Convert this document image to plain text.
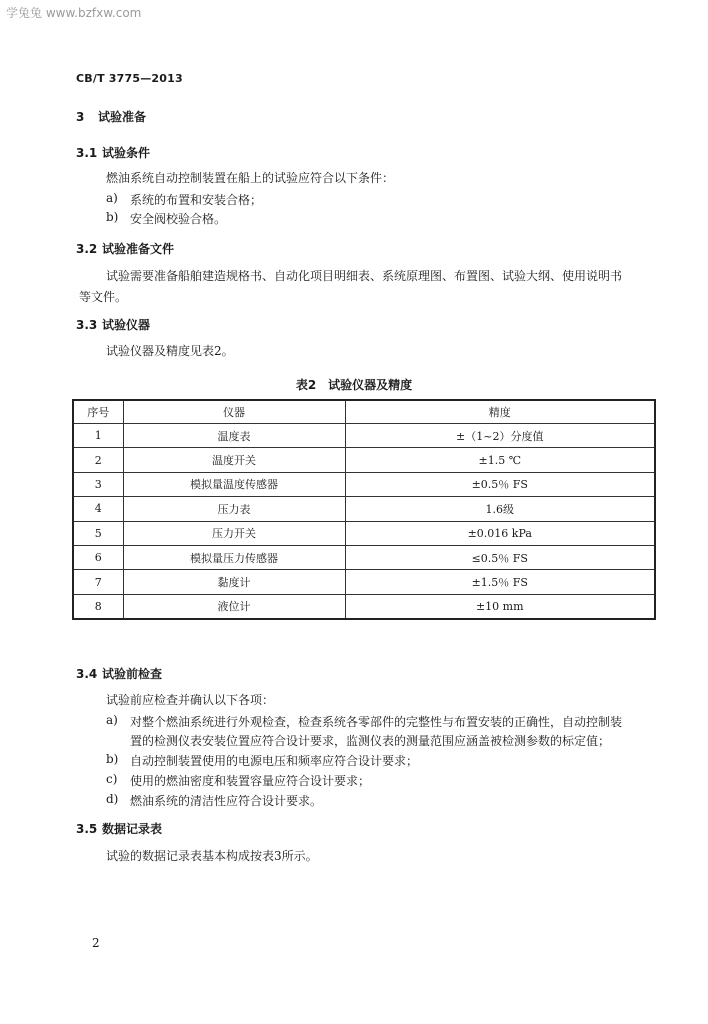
学兔兔 www.bzfxw.com
CB/T 3775—2013
3 试验准备
3.1 试验条件
燃油系统自动控制装置在船上的试验应符合以下条件：
a) 系统的布置和安装合格；
b) 安全阀校验合格。
3.2 试验准备文件
试验需要准备船舶建造规格书、自动化项目明细表、系统原理图、布置图、试验大纲、使用说明书
等文件。
3.3 试验仪器
试验仪器及精度见表2。
表2　试验仪器及精度
序号	仪器	精度
1	温度表	±（1~2）分度值
2	温度开关	±1.5 ℃
3	模拟量温度传感器	±0.5％ FS
4	压力表	1.6级
5	压力开关	±0.016 kPa
6	模拟量压力传感器	≤0.5％ FS
7	黏度计	±1.5％ FS
8	液位计	±10 mm
3.4 试验前检查
试验前应检查并确认以下各项：
a) 对整个燃油系统进行外观检查，检查系统各零部件的完整性与布置安装的正确性，自动控制装
置的检测仪表安装位置应符合设计要求，监测仪表的测量范围应涵盖被检测参数的标定值；
b) 自动控制装置使用的电源电压和频率应符合设计要求；
c) 使用的燃油密度和装置容量应符合设计要求；
d) 燃油系统的清洁性应符合设计要求。
3.5 数据记录表
试验的数据记录表基本构成按表3所示。
2
